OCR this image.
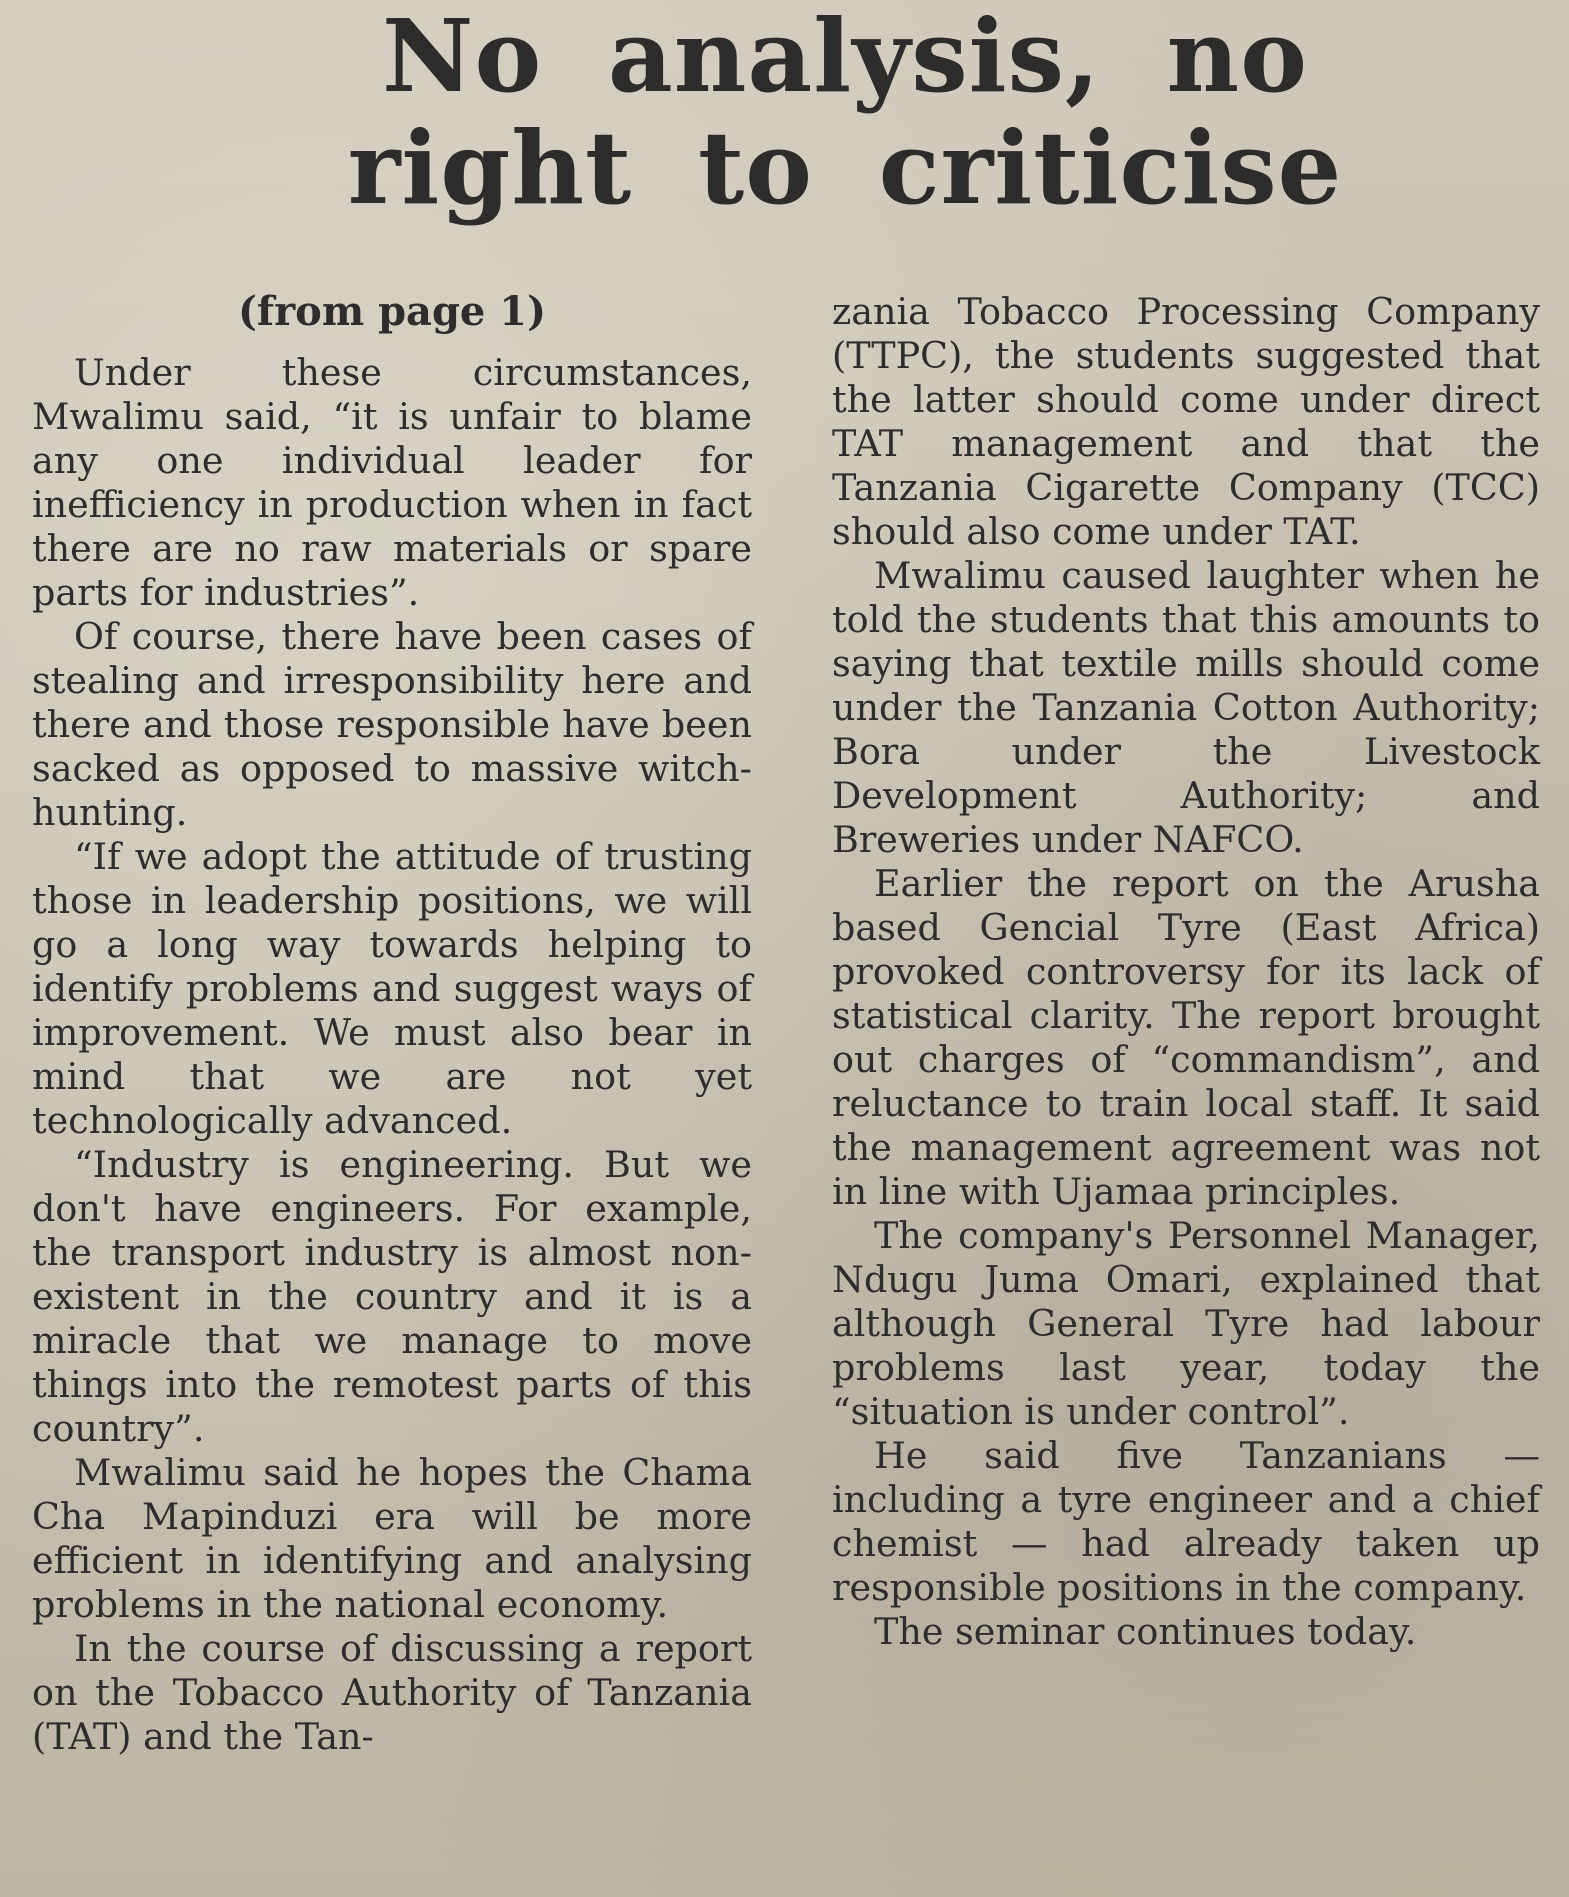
No analysis, no
right to criticise
(from page 1)

Under these circumstances, Mwalimu said, “it is unfair to blame any one individual leader for inefficiency in production when in fact there are no raw materials or spare parts for industries”.

Of course, there have been cases of stealing and irresponsibility here and there and those responsible have been sacked as opposed to massive witch-hunting.

“If we adopt the attitude of trusting those in leadership positions, we will go a long way towards helping to identify problems and suggest ways of improvement. We must also bear in mind that we are not yet technologically advanced.

“Industry is engineering. But we don't have engineers. For example, the transport industry is almost non-existent in the country and it is a miracle that we manage to move things into the remotest parts of this country”.

Mwalimu said he hopes the Chama Cha Mapinduzi era will be more efficient in identifying and analysing problems in the national economy.

In the course of discussing a report on the Tobacco Authority of Tanzania (TAT) and the Tan-

zania Tobacco Processing Company (TTPC), the students suggested that the latter should come under direct TAT management and that the Tanzania Cigarette Company (TCC) should also come under TAT.

Mwalimu caused laughter when he told the students that this amounts to saying that textile mills should come under the Tanzania Cotton Authority; Bora under the Livestock Development Authority; and Breweries under NAFCO.

Earlier the report on the Arusha based Gencial Tyre (East Africa) provoked controversy for its lack of statistical clarity. The report brought out charges of “commandism”, and reluctance to train local staff. It said the management agreement was not in line with Ujamaa principles.

The company's Personnel Manager, Ndugu Juma Omari, explained that although General Tyre had labour problems last year, today the “situation is under control”.

He said five Tanzanians — including a tyre engineer and a chief chemist — had already taken up responsible positions in the company.

The seminar continues today.
